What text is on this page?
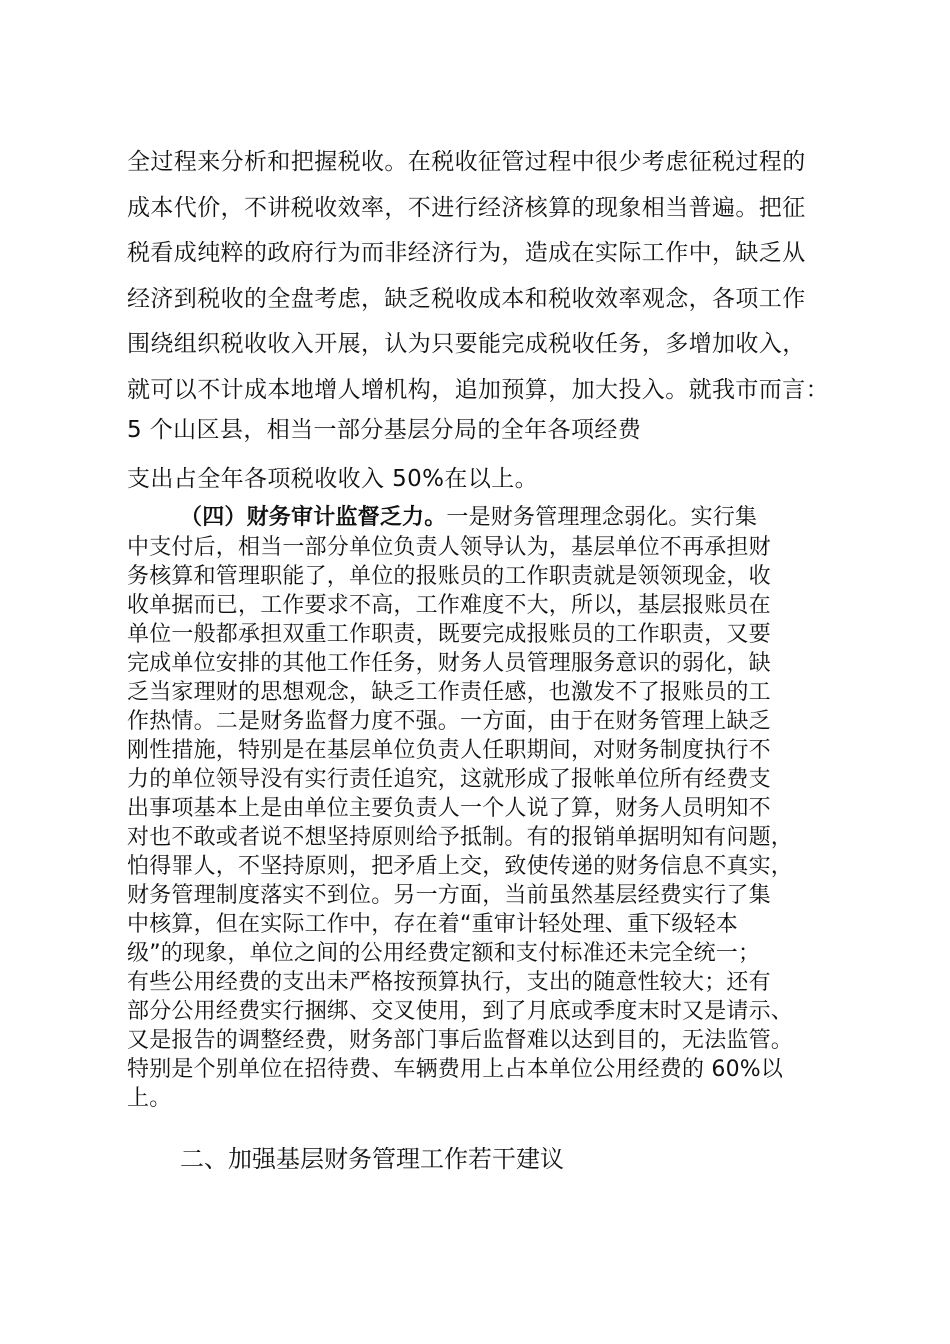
全过程来分析和把握税收。在税收征管过程中很少考虑征税过程的
成本代价，不讲税收效率，不进行经济核算的现象相当普遍。把征
税看成纯粹的政府行为而非经济行为，造成在实际工作中，缺乏从
经济到税收的全盘考虑，缺乏税收成本和税收效率观念，各项工作
围绕组织税收收入开展，认为只要能完成税收任务，多增加收入，
就可以不计成本地增人增机构，追加预算，加大投入。就我市而言：
5 个山区县，相当一部分基层分局的全年各项经费
支出占全年各项税收收入 50%在以上。
（四）财务审计监督乏力。一是财务管理理念弱化。实行集
中支付后，相当一部分单位负责人领导认为，基层单位不再承担财
务核算和管理职能了，单位的报账员的工作职责就是领领现金，收
收单据而已，工作要求不高，工作难度不大，所以，基层报账员在
单位一般都承担双重工作职责，既要完成报账员的工作职责，又要
完成单位安排的其他工作任务，财务人员管理服务意识的弱化，缺
乏当家理财的思想观念，缺乏工作责任感，也激发不了报账员的工
作热情。二是财务监督力度不强。一方面，由于在财务管理上缺乏
刚性措施，特别是在基层单位负责人任职期间，对财务制度执行不
力的单位领导没有实行责任追究，这就形成了报帐单位所有经费支
出事项基本上是由单位主要负责人一个人说了算，财务人员明知不
对也不敢或者说不想坚持原则给予抵制。有的报销单据明知有问题，
怕得罪人，不坚持原则，把矛盾上交，致使传递的财务信息不真实，
财务管理制度落实不到位。另一方面，当前虽然基层经费实行了集
中核算，但在实际工作中，存在着“重审计轻处理、重下级轻本
级”的现象，单位之间的公用经费定额和支付标准还未完全统一；
有些公用经费的支出未严格按预算执行，支出的随意性较大；还有
部分公用经费实行捆绑、交叉使用，到了月底或季度末时又是请示、
又是报告的调整经费，财务部门事后监督难以达到目的，无法监管。
特别是个别单位在招待费、车辆费用上占本单位公用经费的 60%以
上。
二、加强基层财务管理工作若干建议
